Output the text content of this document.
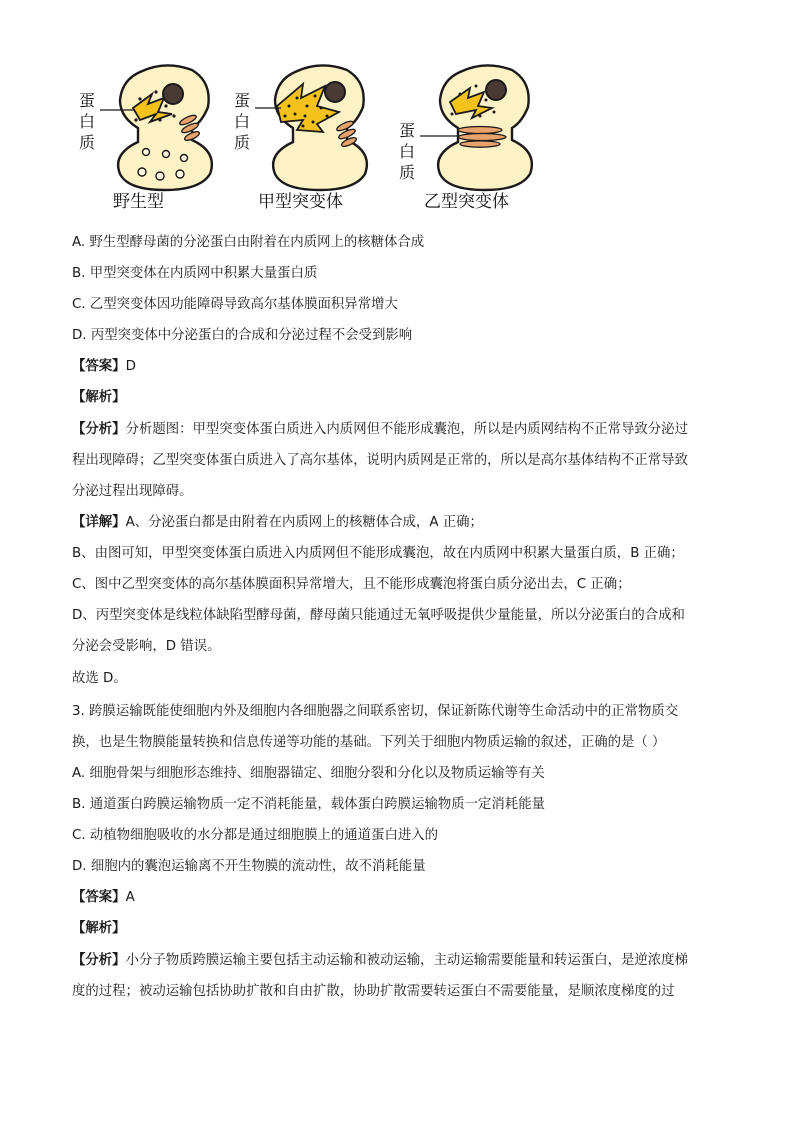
蛋
白
质
野生型
蛋
白
质
甲型突变体
蛋
白
质
乙型突变体
A. 野生型酵母菌的分泌蛋白由附着在内质网上的核糖体合成
B. 甲型突变体在内质网中积累大量蛋白质
C. 乙型突变体因功能障碍导致高尔基体膜面积异常增大
D. 丙型突变体中分泌蛋白的合成和分泌过程不会受到影响
【答案】D
【解析】
【分析】分析题图：甲型突变体蛋白质进入内质网但不能形成囊泡，所以是内质网结构不正常导致分泌过
程出现障碍；乙型突变体蛋白质进入了高尔基体，说明内质网是正常的，所以是高尔基体结构不正常导致
分泌过程出现障碍。
【详解】A、分泌蛋白都是由附着在内质网上的核糖体合成，A 正确；
B、由图可知，甲型突变体蛋白质进入内质网但不能形成囊泡，故在内质网中积累大量蛋白质，B 正确；
C、图中乙型突变体的高尔基体膜面积异常增大，且不能形成囊泡将蛋白质分泌出去，C 正确；
D、丙型突变体是线粒体缺陷型酵母菌，酵母菌只能通过无氧呼吸提供少量能量，所以分泌蛋白的合成和
分泌会受影响，D 错误。
故选 D。
3. 跨膜运输既能使细胞内外及细胞内各细胞器之间联系密切，保证新陈代谢等生命活动中的正常物质交
换，也是生物膜能量转换和信息传递等功能的基础。下列关于细胞内物质运输的叙述，正确的是（ ）
A. 细胞骨架与细胞形态维持、细胞器锚定、细胞分裂和分化以及物质运输等有关
B. 通道蛋白跨膜运输物质一定不消耗能量，载体蛋白跨膜运输物质一定消耗能量
C. 动植物细胞吸收的水分都是通过细胞膜上的通道蛋白进入的
D. 细胞内的囊泡运输离不开生物膜的流动性，故不消耗能量
【答案】A
【解析】
【分析】小分子物质跨膜运输主要包括主动运输和被动运输，主动运输需要能量和转运蛋白，是逆浓度梯
度的过程；被动运输包括协助扩散和自由扩散，协助扩散需要转运蛋白不需要能量，是顺浓度梯度的过
